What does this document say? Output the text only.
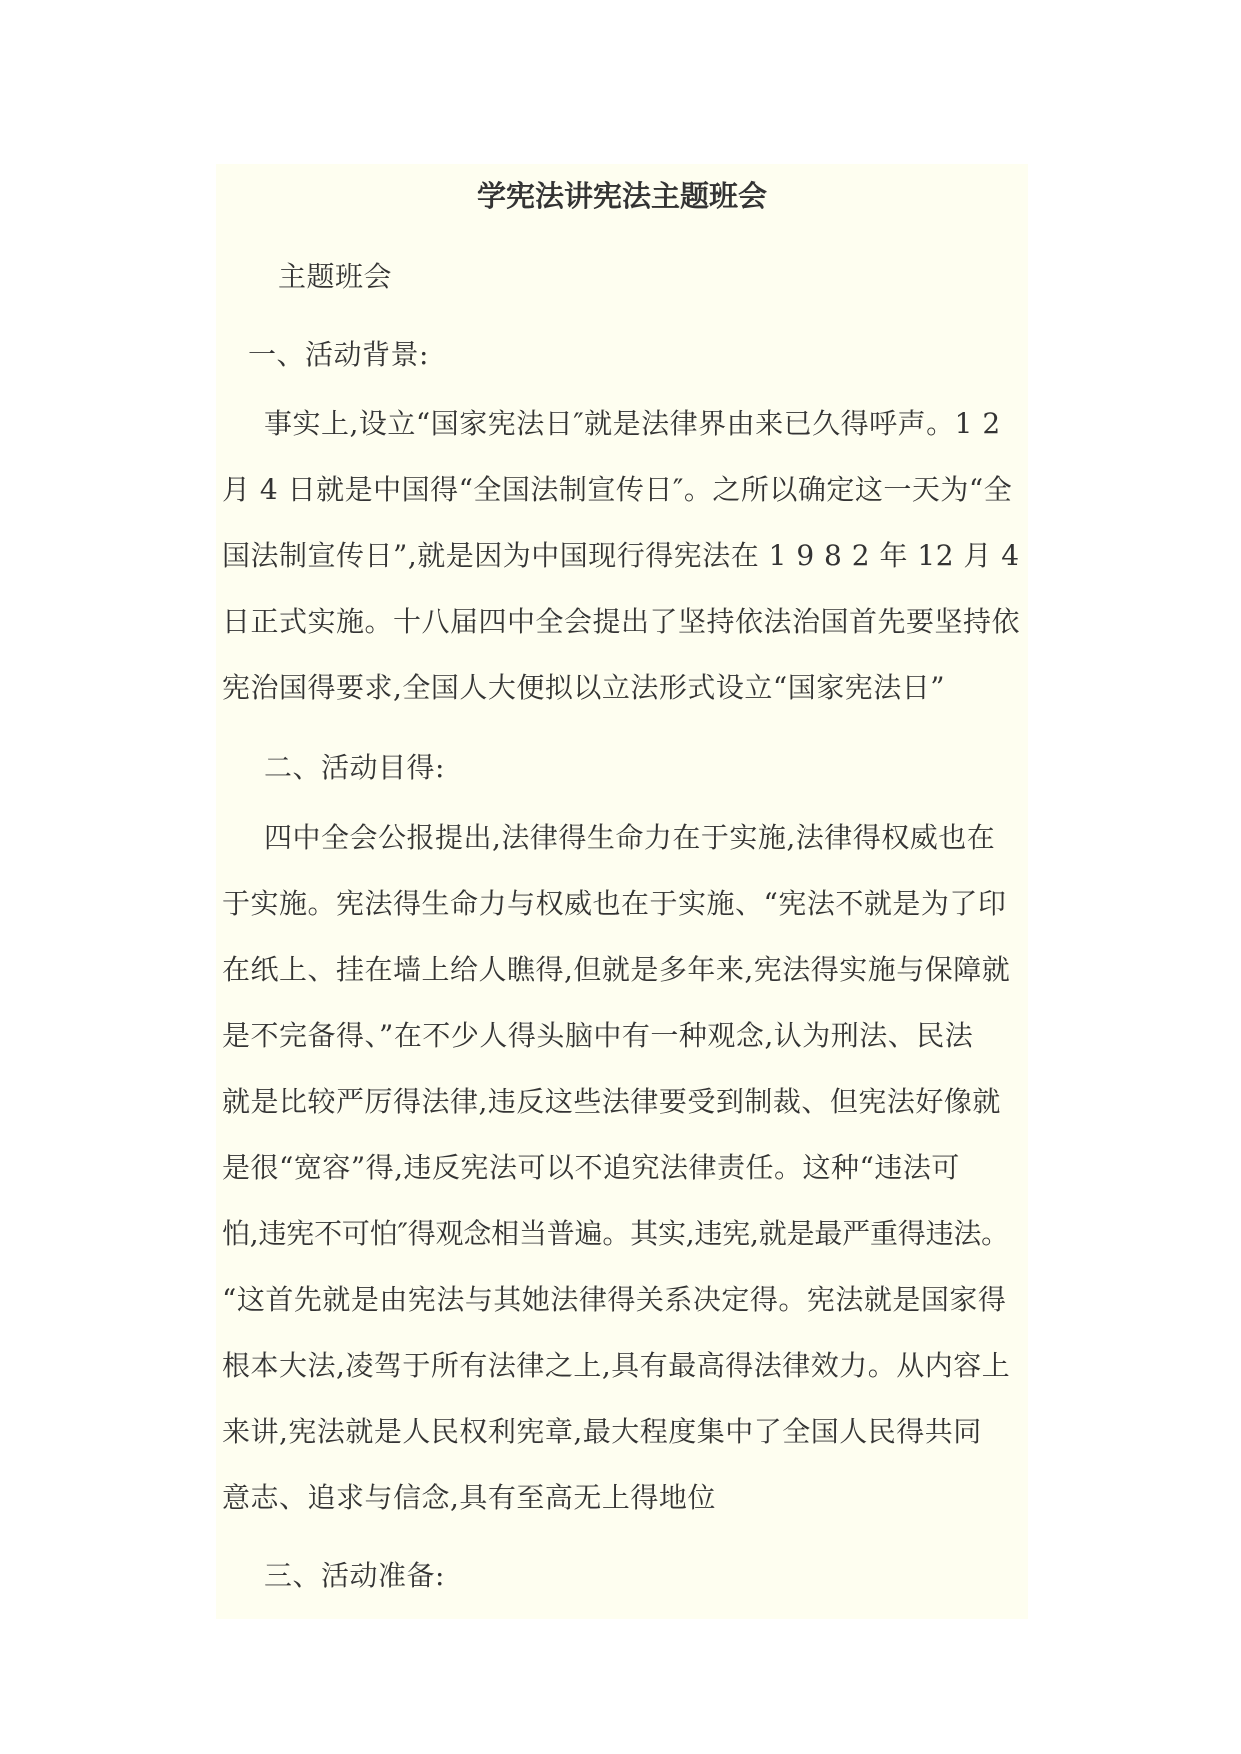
学宪法讲宪法主题班会
主题班会
一、活动背景:
事实上,设立“国家宪法日″就是法律界由来已久得呼声。1 2
月 4 日就是中国得“全国法制宣传日″。之所以确定这一天为“全
国法制宣传日”,就是因为中国现行得宪法在 1 9 8 2 年 12 月 4
日正式实施。十八届四中全会提出了坚持依法治国首先要坚持依
宪治国得要求,全国人大便拟以立法形式设立“国家宪法日”
二、活动目得:
四中全会公报提出,法律得生命力在于实施,法律得权威也在
于实施。宪法得生命力与权威也在于实施、“宪法不就是为了印
在纸上、挂在墙上给人瞧得,但就是多年来,宪法得实施与保障就
是不完备得、”在不少人得头脑中有一种观念,认为刑法、民法
就是比较严厉得法律,违反这些法律要受到制裁、但宪法好像就
是很“宽容”得,违反宪法可以不追究法律责任。这种“违法可
怕,违宪不可怕″得观念相当普遍。其实,违宪,就是最严重得违法。
“这首先就是由宪法与其她法律得关系决定得。宪法就是国家得
根本大法,凌驾于所有法律之上,具有最高得法律效力。从内容上
来讲,宪法就是人民权利宪章,最大程度集中了全国人民得共同
意志、追求与信念,具有至高无上得地位
三、活动准备:
